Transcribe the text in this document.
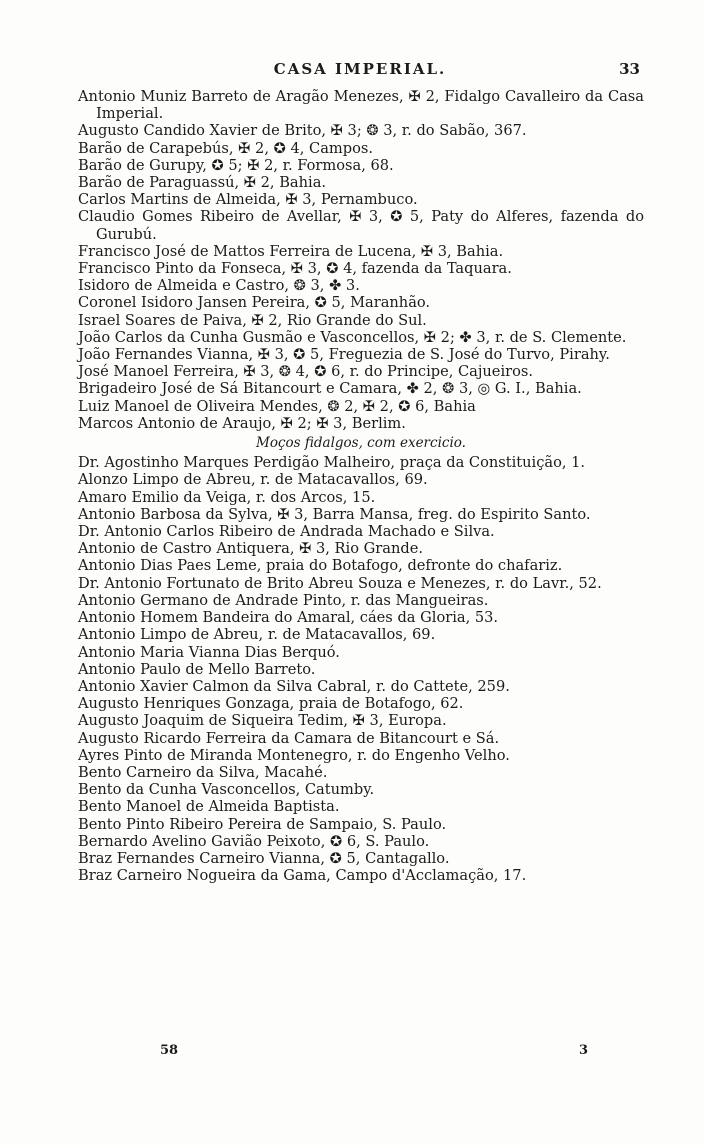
CASA IMPERIAL.	33
Antonio Muniz Barreto de Aragão Menezes, ✠ 2, Fidalgo Cavalleiro da Casa Imperial.
Augusto Candido Xavier de Brito, ✠ 3; ❂ 3, r. do Sabão, 367.
Barão de Carapebús, ✠ 2, ✪ 4, Campos.
Barão de Gurupy, ✪ 5; ✠ 2, r. Formosa, 68.
Barão de Paraguassú, ✠ 2, Bahia.
Carlos Martins de Almeida, ✠ 3, Pernambuco.
Claudio Gomes Ribeiro de Avellar, ✠ 3, ✪ 5, Paty do Alferes, fazenda do Gurubú.
Francisco José de Mattos Ferreira de Lucena, ✠ 3, Bahia.
Francisco Pinto da Fonseca, ✠ 3, ✪ 4, fazenda da Taquara.
Isidoro de Almeida e Castro, ❂ 3, ✤ 3.
Coronel Isidoro Jansen Pereira, ✪ 5, Maranhão.
Israel Soares de Paiva, ✠ 2, Rio Grande do Sul.
João Carlos da Cunha Gusmão e Vasconcellos, ✠ 2; ✤ 3, r. de S. Clemente.
João Fernandes Vianna, ✠ 3, ✪ 5, Freguezia de S. José do Turvo, Pirahy.
José Manoel Ferreira, ✠ 3, ❂ 4, ✪ 6, r. do Principe, Cajueiros.
Brigadeiro José de Sá Bitancourt e Camara, ✤ 2, ❂ 3, ◎ G. I., Bahia.
Luiz Manoel de Oliveira Mendes, ❂ 2, ✠ 2, ✪ 6, Bahia
Marcos Antonio de Araujo, ✠ 2; ✠ 3, Berlim.
Moços fidalgos, com exercicio.
Dr. Agostinho Marques Perdigão Malheiro, praça da Constituição, 1.
Alonzo Limpo de Abreu, r. de Matacavallos, 69.
Amaro Emilio da Veiga, r. dos Arcos, 15.
Antonio Barbosa da Sylva, ✠ 3, Barra Mansa, freg. do Espirito Santo.
Dr. Antonio Carlos Ribeiro de Andrada Machado e Silva.
Antonio de Castro Antiquera, ✠ 3, Rio Grande.
Antonio Dias Paes Leme, praia do Botafogo, defronte do chafariz.
Dr. Antonio Fortunato de Brito Abreu Souza e Menezes, r. do Lavr., 52.
Antonio Germano de Andrade Pinto, r. das Mangueiras.
Antonio Homem Bandeira do Amaral, cáes da Gloria, 53.
Antonio Limpo de Abreu, r. de Matacavallos, 69.
Antonio Maria Vianna Dias Berquó.
Antonio Paulo de Mello Barreto.
Antonio Xavier Calmon da Silva Cabral, r. do Cattete, 259.
Augusto Henriques Gonzaga, praia de Botafogo, 62.
Augusto Joaquim de Siqueira Tedim, ✠ 3, Europa.
Augusto Ricardo Ferreira da Camara de Bitancourt e Sá.
Ayres Pinto de Miranda Montenegro, r. do Engenho Velho.
Bento Carneiro da Silva, Macahé.
Bento da Cunha Vasconcellos, Catumby.
Bento Manoel de Almeida Baptista.
Bento Pinto Ribeiro Pereira de Sampaio, S. Paulo.
Bernardo Avelino Gavião Peixoto, ✪ 6, S. Paulo.
Braz Fernandes Carneiro Vianna, ✪ 5, Cantagallo.
Braz Carneiro Nogueira da Gama, Campo d'Acclamação, 17.
58	3
